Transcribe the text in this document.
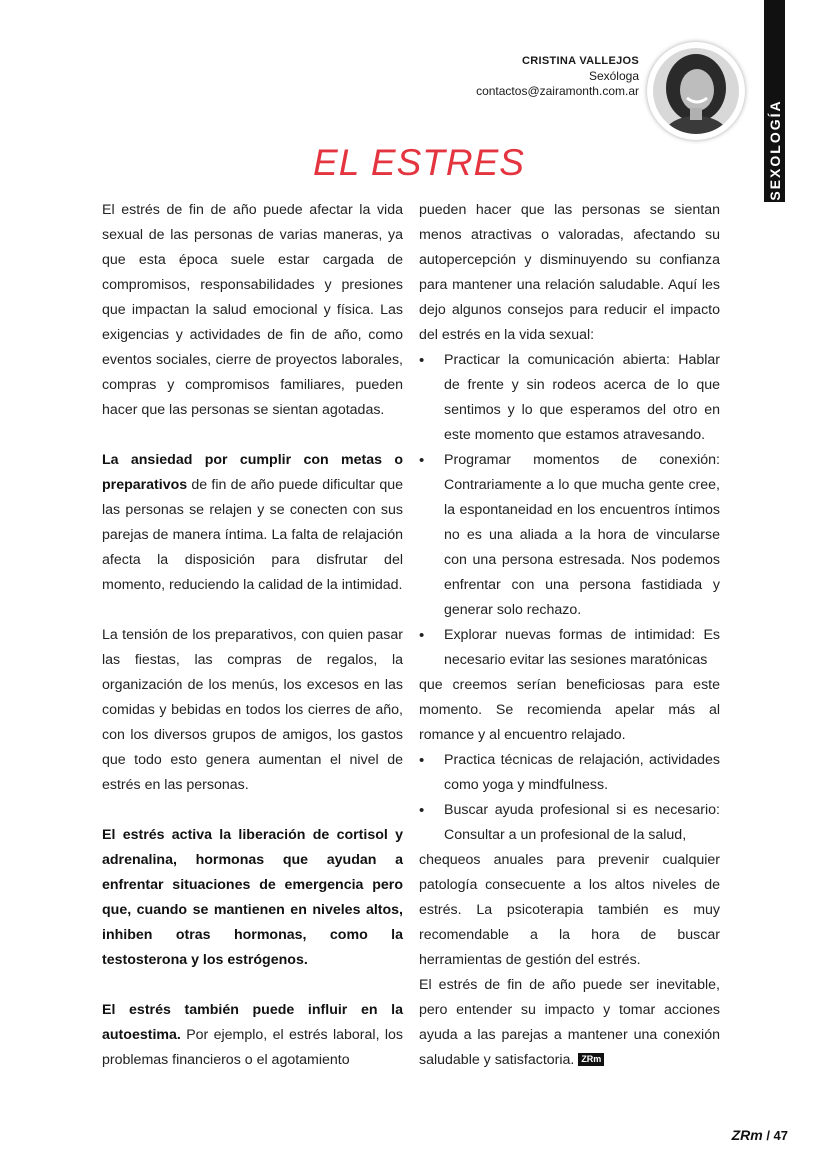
SEXOLOGÍA
CRISTINA VALLEJOS
Sexóloga
contactos@zairamonth.com.ar
EL ESTRES

El estrés de fin de año puede afectar la vida sexual de las personas de varias maneras, ya que esta época suele estar cargada de compromisos, responsabilidades y presiones que impactan la salud emocional y física. Las exigencias y actividades de fin de año, como eventos sociales, cierre de proyectos laborales, compras y compromisos familiares, pueden hacer que las personas se sientan agotadas.

La ansiedad por cumplir con metas o preparativos de fin de año puede dificultar que las personas se relajen y se conecten con sus parejas de manera íntima. La falta de relajación afecta la disposición para disfrutar del momento, reduciendo la calidad de la intimidad.

La tensión de los preparativos, con quien pasar las fiestas, las compras de regalos, la organización de los menús, los excesos en las comidas y bebidas en todos los cierres de año, con los diversos grupos de amigos, los gastos que todo esto genera aumentan el nivel de estrés en las personas.

El estrés activa la liberación de cortisol y adrenalina, hormonas que ayudan a enfrentar situaciones de emergencia pero que, cuando se mantienen en niveles altos, inhiben otras hormonas, como la testosterona y los estrógenos.

El estrés también puede influir en la autoestima. Por ejemplo, el estrés laboral, los problemas financieros o el agotamiento

pueden hacer que las personas se sientan menos atractivas o valoradas, afectando su autopercepción y disminuyendo su confianza para mantener una relación saludable. Aquí les dejo algunos consejos para reducir el impacto del estrés en la vida sexual:

• Practicar la comunicación abierta: Hablar de frente y sin rodeos acerca de lo que sentimos y lo que esperamos del otro en este momento que estamos atravesando.
• Programar momentos de conexión: Contrariamente a lo que mucha gente cree, la espontaneidad en los encuentros íntimos no es una aliada a la hora de vincularse con una persona estresada. Nos podemos enfrentar con una persona fastidiada y generar solo rechazo.
• Explorar nuevas formas de intimidad: Es necesario evitar las sesiones maratónicas
que creemos serían beneficiosas para este momento. Se recomienda apelar más al romance y al encuentro relajado.
• Practica técnicas de relajación, actividades como yoga y mindfulness.
• Buscar ayuda profesional si es necesario: Consultar a un profesional de la salud,
chequeos anuales para prevenir cualquier patología consecuente a los altos niveles de estrés. La psicoterapia también es muy recomendable a la hora de buscar herramientas de gestión del estrés.

El estrés de fin de año puede ser inevitable, pero entender su impacto y tomar acciones ayuda a las parejas a mantener una conexión saludable y satisfactoria. ZRm

ZRm / 47
